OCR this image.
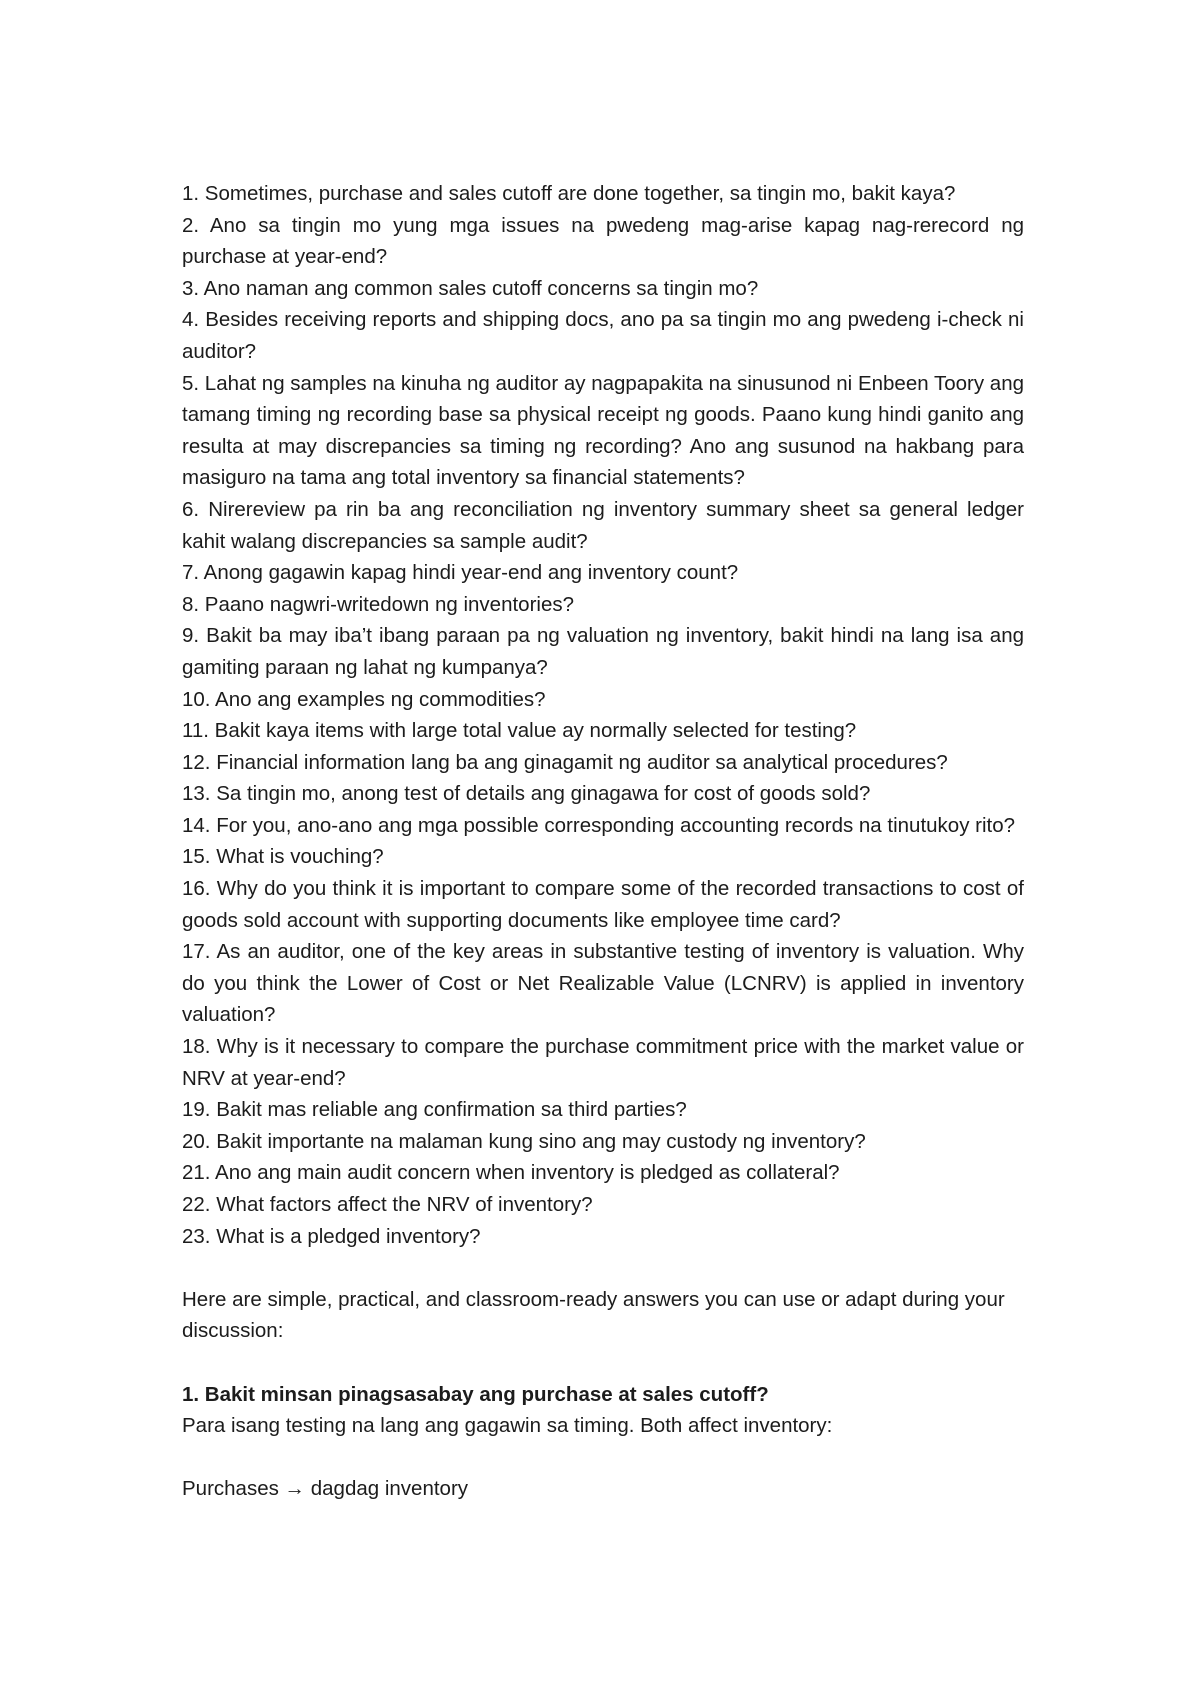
1. Sometimes, purchase and sales cutoff are done together, sa tingin mo, bakit kaya?

2. Ano sa tingin mo yung mga issues na pwedeng mag-arise kapag nag-rerecord ng purchase at year-end?

3. Ano naman ang common sales cutoff concerns sa tingin mo?

4. Besides receiving reports and shipping docs, ano pa sa tingin mo ang pwedeng i-check ni auditor?

5. Lahat ng samples na kinuha ng auditor ay nagpapakita na sinusunod ni Enbeen Toory ang tamang timing ng recording base sa physical receipt ng goods. Paano kung hindi ganito ang resulta at may discrepancies sa timing ng recording? Ano ang susunod na hakbang para masiguro na tama ang total inventory sa financial statements?

6. Nirereview pa rin ba ang reconciliation ng inventory summary sheet sa general ledger kahit walang discrepancies sa sample audit?

7. Anong gagawin kapag hindi year-end ang inventory count?

8. Paano nagwri-writedown ng inventories?

9. Bakit ba may iba’t ibang paraan pa ng valuation ng inventory, bakit hindi na lang isa ang gamiting paraan ng lahat ng kumpanya?

10. Ano ang examples ng commodities?

11. Bakit kaya items with large total value ay normally selected for testing?

12. Financial information lang ba ang ginagamit ng auditor sa analytical procedures?

13. Sa tingin mo, anong test of details ang ginagawa for cost of goods sold?

14. For you, ano-ano ang mga possible corresponding accounting records na tinutukoy rito?

15. What is vouching?

16. Why do you think it is important to compare some of the recorded transactions to cost of goods sold account with supporting documents like employee time card?

17. As an auditor, one of the key areas in substantive testing of inventory is valuation. Why do you think the Lower of Cost or Net Realizable Value (LCNRV) is applied in inventory valuation?

18. Why is it necessary to compare the purchase commitment price with the market value or NRV at year-end?

19. Bakit mas reliable ang confirmation sa third parties?

20. Bakit importante na malaman kung sino ang may custody ng inventory?

21. Ano ang main audit concern when inventory is pledged as collateral?

22. What factors affect the NRV of inventory?

23. What is a pledged inventory?

Here are simple, practical, and classroom-ready answers you can use or adapt during your discussion:

1. Bakit minsan pinagsasabay ang purchase at sales cutoff?

Para isang testing na lang ang gagawin sa timing. Both affect inventory:

Purchases → dagdag inventory
